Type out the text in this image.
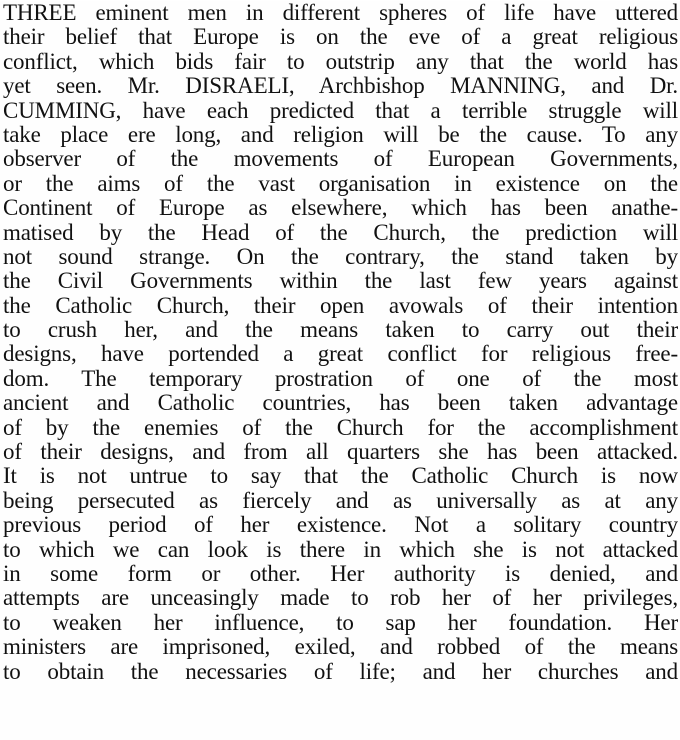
THREE eminent men in different spheres of life have uttered
their belief that Europe is on the eve of a great religious
conflict, which bids fair to outstrip any that the world has
yet seen. Mr. DISRAELI, Archbishop MANNING, and Dr.
CUMMING, have each predicted that a terrible struggle will
take place ere long, and religion will be the cause. To any
observer of the movements of European Governments,
or the aims of the vast organisation in existence on the
Continent of Europe as elsewhere, which has been anathe-
matised by the Head of the Church, the prediction will
not sound strange. On the contrary, the stand taken by
the Civil Governments within the last few years against
the Catholic Church, their open avowals of their intention
to crush her, and the means taken to carry out their
designs, have portended a great conflict for religious free-
dom. The temporary prostration of one of the most
ancient and Catholic countries, has been taken advantage
of by the enemies of the Church for the accomplishment
of their designs, and from all quarters she has been attacked.
It is not untrue to say that the Catholic Church is now
being persecuted as fiercely and as universally as at any
previous period of her existence. Not a solitary country
to which we can look is there in which she is not attacked
in some form or other. Her authority is denied, and
attempts are unceasingly made to rob her of her privileges,
to weaken her influence, to sap her foundation. Her
ministers are imprisoned, exiled, and robbed of the means
to obtain the necessaries of life; and her churches and
